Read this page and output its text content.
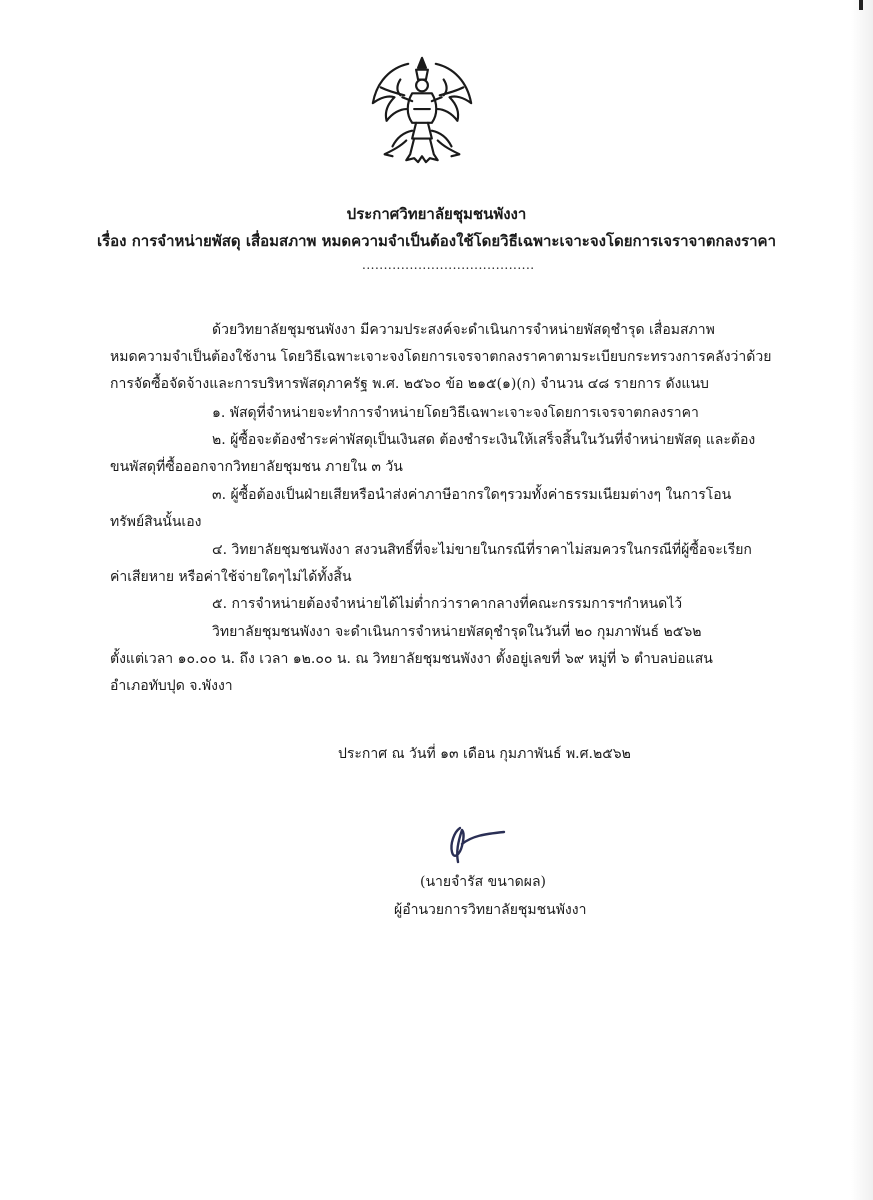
ประกาศวิทยาลัยชุมชนพังงา
เรื่อง การจำหน่ายพัสดุ เสื่อมสภาพ หมดความจำเป็นต้องใช้โดยวิธีเฉพาะเจาะจงโดยการเจราจาตกลงราคา
........................................
ด้วยวิทยาลัยชุมชนพังงา มีความประสงค์จะดำเนินการจำหน่ายพัสดุชำรุด เสื่อมสภาพ
หมดความจำเป็นต้องใช้งาน โดยวิธีเฉพาะเจาะจงโดยการเจรจาตกลงราคาตามระเบียบกระทรวงการคลังว่าด้วย
การจัดซื้อจัดจ้างและการบริหารพัสดุภาครัฐ พ.ศ. ๒๕๖๐ ข้อ ๒๑๕(๑)(ก) จำนวน ๔๘ รายการ ดังแนบ
๑. พัสดุที่จำหน่ายจะทำการจำหน่ายโดยวิธีเฉพาะเจาะจงโดยการเจรจาตกลงราคา
๒. ผู้ซื้อจะต้องชำระค่าพัสดุเป็นเงินสด ต้องชำระเงินให้เสร็จสิ้นในวันที่จำหน่ายพัสดุ และต้อง
ขนพัสดุที่ซื้อออกจากวิทยาลัยชุมชน ภายใน ๓ วัน
๓. ผู้ซื้อต้องเป็นฝ่ายเสียหรือนำส่งค่าภาษีอากรใดๆรวมทั้งค่าธรรมเนียมต่างๆ ในการโอน
ทรัพย์สินนั้นเอง
๔. วิทยาลัยชุมชนพังงา สงวนสิทธิ์ที่จะไม่ขายในกรณีที่ราคาไม่สมควรในกรณีที่ผู้ซื้อจะเรียก
ค่าเสียหาย หรือค่าใช้จ่ายใดๆไม่ได้ทั้งสิ้น
๕. การจำหน่ายต้องจำหน่ายได้ไม่ต่ำกว่าราคากลางที่คณะกรรมการฯกำหนดไว้
วิทยาลัยชุมชนพังงา จะดำเนินการจำหน่ายพัสดุชำรุดในวันที่ ๒๐ กุมภาพันธ์ ๒๕๖๒
ตั้งแต่เวลา ๑๐.๐๐ น. ถึง เวลา ๑๒.๐๐ น. ณ วิทยาลัยชุมชนพังงา ตั้งอยู่เลขที่ ๖๙ หมู่ที่ ๖ ตำบลบ่อแสน
อำเภอทับปุด จ.พังงา
ประกาศ ณ วันที่ ๑๓ เดือน กุมภาพันธ์ พ.ศ.๒๕๖๒
(นายจำรัส ขนาดผล)
ผู้อำนวยการวิทยาลัยชุมชนพังงา
